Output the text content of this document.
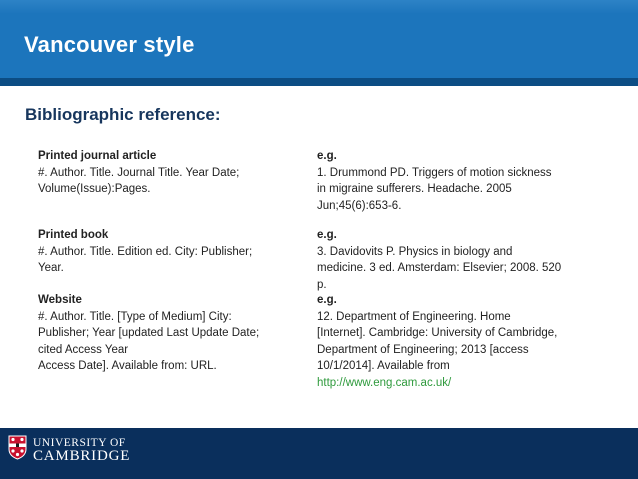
Vancouver style
Bibliographic reference:
Printed journal article
#. Author. Title. Journal Title. Year Date;
Volume(Issue):Pages.
e.g.
1. Drummond PD. Triggers of motion sickness
in migraine sufferers. Headache. 2005
Jun;45(6):653-6.
Printed book
#. Author. Title. Edition ed. City: Publisher;
Year.
e.g.
3. Davidovits P. Physics in biology and
medicine. 3 ed. Amsterdam: Elsevier; 2008. 520
p.
Website
#. Author. Title. [Type of Medium] City:
Publisher; Year [updated Last Update Date;
cited Access Year
Access Date]. Available from: URL.
e.g.
12. Department of Engineering. Home
[Internet]. Cambridge: University of Cambridge,
Department of Engineering; 2013 [access
10/1/2014]. Available from
http://www.eng.cam.ac.uk/
UNIVERSITY OF
CAMBRIDGE
